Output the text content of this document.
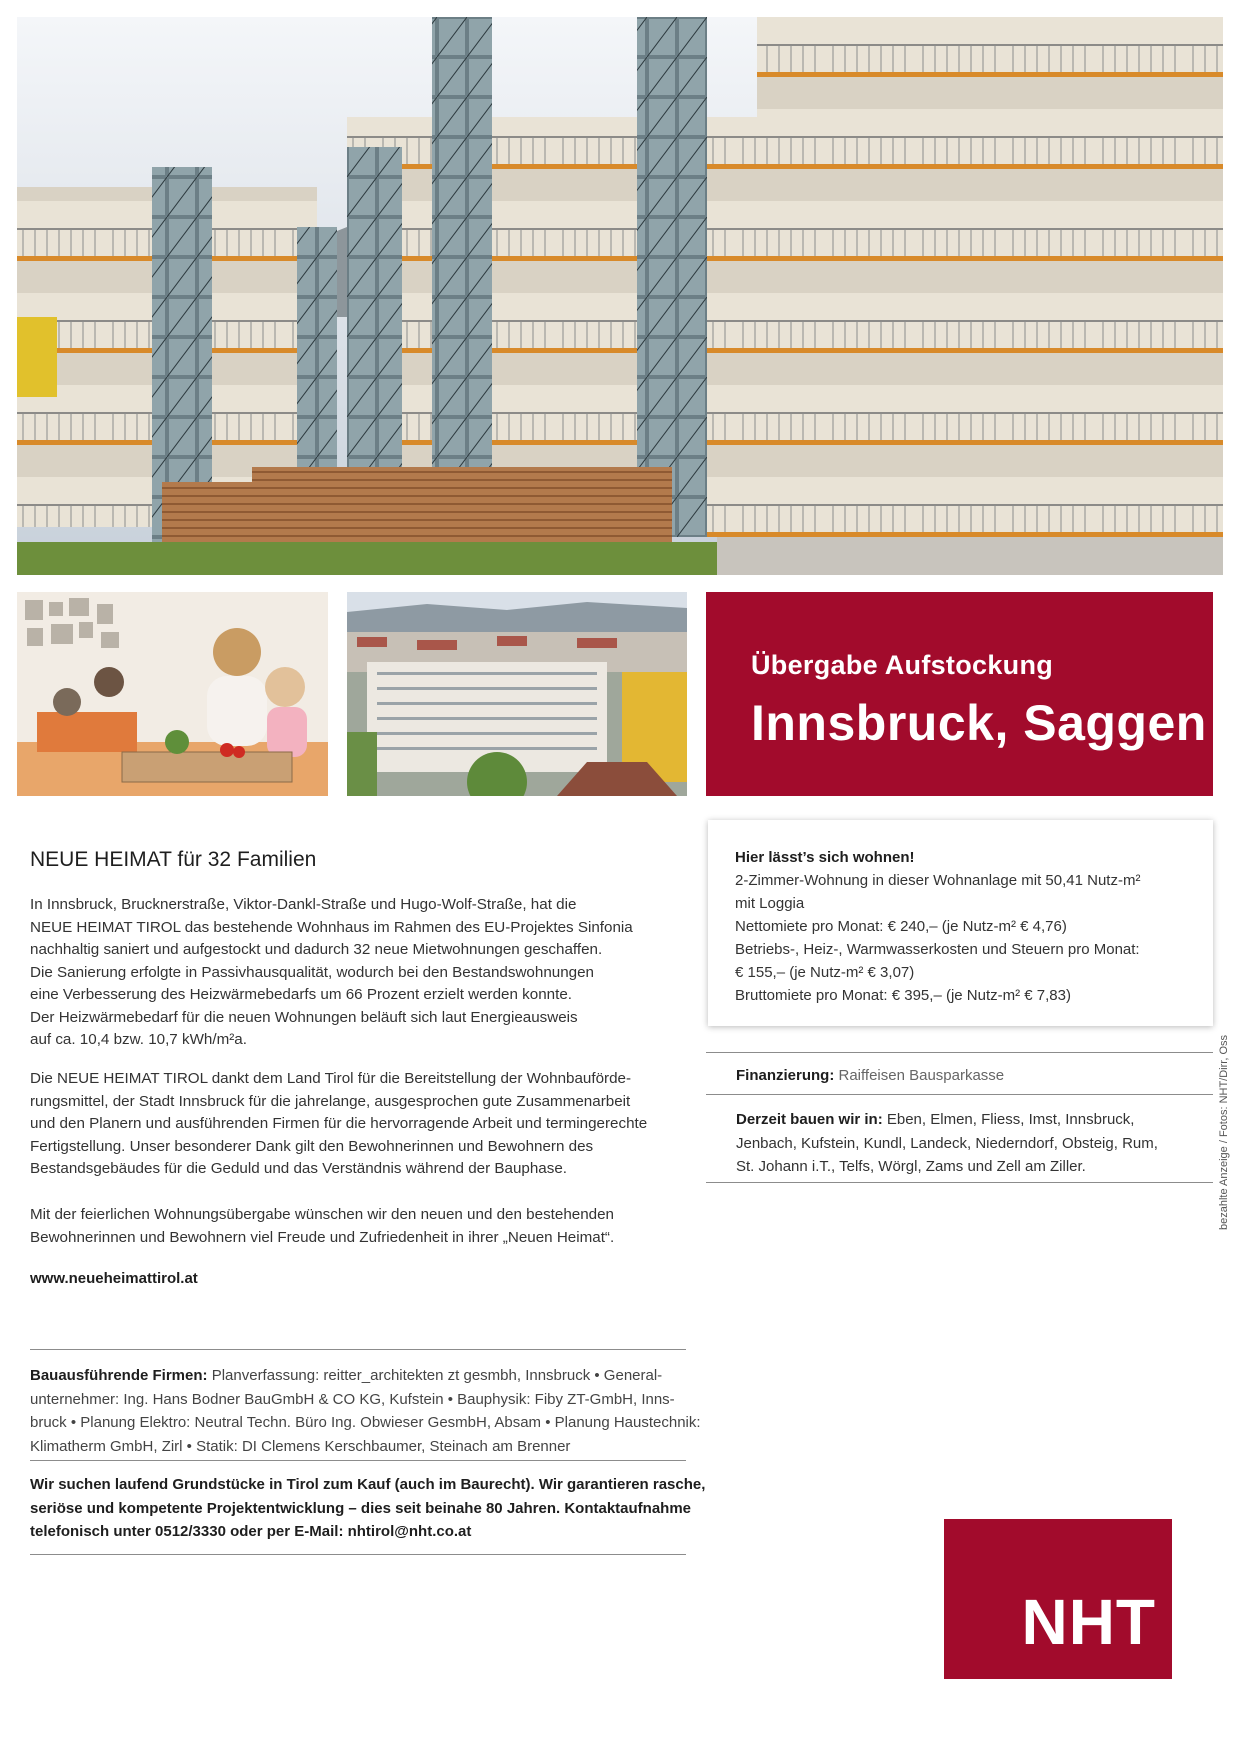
Übergabe Aufstockung
Innsbruck, Saggen
NEUE HEIMAT für 32 Familien
In Innsbruck, Brucknerstraße, Viktor-Dankl-Straße und Hugo-Wolf-Straße, hat die
NEUE HEIMAT TIROL das bestehende Wohnhaus im Rahmen des EU-Projektes Sinfonia
nachhaltig saniert und aufgestockt und dadurch 32 neue Mietwohnungen geschaffen.
Die Sanierung erfolgte in Passivhausqualität, wodurch bei den Bestandswohnungen
eine Verbesserung des Heizwärmebedarfs um 66 Prozent erzielt werden konnte.
Der Heizwärmebedarf für die neuen Wohnungen beläuft sich laut Energieausweis
auf ca. 10,4 bzw. 10,7 kWh/m²a.
Die NEUE HEIMAT TIROL dankt dem Land Tirol für die Bereitstellung der Wohnbauförde-
rungsmittel, der Stadt Innsbruck für die jahrelange, ausgesprochen gute Zusammenarbeit
und den Planern und ausführenden Firmen für die hervorragende Arbeit und termingerechte
Fertigstellung. Unser besonderer Dank gilt den Bewohnerinnen und Bewohnern des
Bestandsgebäudes für die Geduld und das Verständnis während der Bauphase.
Mit der feierlichen Wohnungsübergabe wünschen wir den neuen und den bestehenden
Bewohnerinnen und Bewohnern viel Freude und Zufriedenheit in ihrer „Neuen Heimat“.
www.neueheimattirol.at
Bauausführende Firmen: Planverfassung: reitter_architekten zt gesmbh, Innsbruck • General-
unternehmer: Ing. Hans Bodner BauGmbH & CO KG, Kufstein • Bauphysik: Fiby ZT-GmbH, Inns-
bruck • Planung Elektro: Neutral Techn. Büro Ing. Obwieser GesmbH, Absam • Planung Haustechnik:
Klimatherm GmbH, Zirl • Statik: DI Clemens Kerschbaumer, Steinach am Brenner
Wir suchen laufend Grundstücke in Tirol zum Kauf (auch im Baurecht). Wir garantieren rasche,
seriöse und kompetente Projektentwicklung – dies seit beinahe 80 Jahren. Kontaktaufnahme
telefonisch unter 0512/3330 oder per E-Mail: nhtirol@nht.co.at
Hier lässt’s sich wohnen!
2-Zimmer-Wohnung in dieser Wohnanlage mit 50,41 Nutz-m²
mit Loggia
Nettomiete pro Monat: € 240,– (je Nutz-m² € 4,76)
Betriebs-, Heiz-, Warmwasserkosten und Steuern pro Monat:
€ 155,– (je Nutz-m² € 3,07)
Bruttomiete pro Monat: € 395,– (je Nutz-m² € 7,83)
Finanzierung: Raiffeisen Bausparkasse
Derzeit bauen wir in: Eben, Elmen, Fliess, Imst, Innsbruck,
Jenbach, Kufstein, Kundl, Landeck, Niederndorf, Obsteig, Rum,
St. Johann i.T., Telfs, Wörgl, Zams und Zell am Ziller.	bezahlte Anzeige / Fotos: NHT/Dirr, Oss
NHT
